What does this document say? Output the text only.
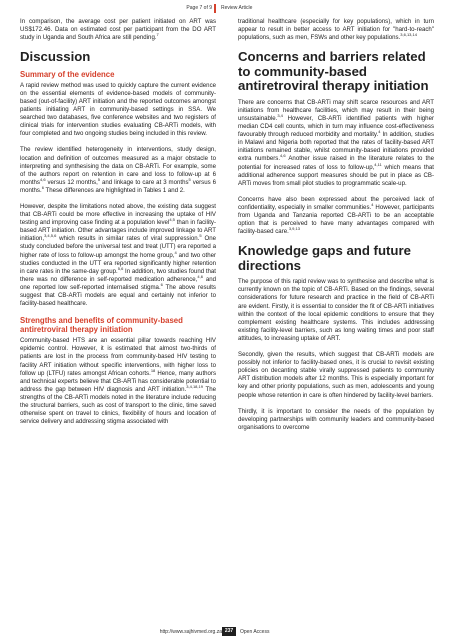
Page 7 of 9 Review Article

In comparison, the average cost per patient initiated on ART was US$172.46. Data on estimated cost per participant from the DO ART study in Uganda and South Africa are still pending.$^7$

Discussion
Summary of the evidence

A rapid review method was used to quickly capture the current evidence on the essential elements of evidence-based models of community-based (out-of-facility) ART initiation and the reported outcomes amongst patients initiating ART in community-based settings in SSA. We searched two databases, five conference websites and two registers of clinical trials for intervention studies evaluating CB-ARTi models, with four completed and two ongoing studies being included in this review.

The review identified heterogeneity in interventions, study design, location and definition of outcomes measured as a major obstacle to interpreting and synthesising the data on CB-ARTi. For example, some of the authors report on retention in care and loss to follow-up at 6 months$^{4,6}$ versus 12 months,$^5$ and linkage to care at 3 months$^5$ versus 6 months.$^6$ These differences are highlighted in Tables 1 and 2.

However, despite the limitations noted above, the existing data suggest that CB-ARTi could be more effective in increasing the uptake of HIV testing and improving case finding at a population level$^{4,5}$ than in facility-based ART initiation. Other advantages include improved linkage to ART initiation,$^{3,4,5,6}$ which results in similar rates of viral suppression.$^5$ One study concluded before the universal test and treat (UTT) era reported a higher rate of loss to follow-up amongst the home group,$^4$ and two other studies conducted in the UTT era reported significantly higher retention in care rates in the same-day group.$^{5,6}$ In addition, two studies found that there was no difference in self-reported medication adherence,$^{4,6}$ and one reported low self-reported internalised stigma.$^6$ The above results suggest that CB-ARTi models are equal and certainly not inferior to facility-based healthcare.

Strengths and benefits of community-based antiretroviral therapy initiation

Community-based HTS are an essential pillar towards reaching HIV epidemic control. However, it is estimated that almost two-thirds of patients are lost in the process from community-based HIV testing to facility ART initiation without specific interventions, with higher loss to follow up (LTFU) rates amongst African cohorts.$^{18}$ Hence, many authors and technical experts believe that CB-ARTi has considerable potential to address the gap between HIV diagnosis and ART initiation.$^{3,4,18,19}$ The strengths of the CB-ARTi models noted in the literature include reducing the structural barriers, such as cost of transport to the clinic, time saved otherwise spent on travel to clinics, flexibility of hours and location of service delivery and addressing stigma associated with

traditional healthcare (especially for key populations), which in turn appear to result in better access to ART initiation for "hard-to-reach" populations, such as men, FSWs and other key populations.$^{3,6,13,14}$

Concerns and barriers related to community-based antiretroviral therapy initiation

There are concerns that CB-ARTi may shift scarce resources and ART initiations from healthcare facilities, which may result in their being unsustainable.$^{3,4}$ However, CB-ARTi identified patients with higher median CD4 cell counts, which in turn may influence cost-effectiveness favourably through reduced morbidity and mortality.$^4$ In addition, studies in Malawi and Nigeria both reported that the rates of facility-based ART initiations remained stable, whilst community-based initiations provided extra numbers.$^{4,6}$ Another issue raised in the literature relates to the potential for increased rates of loss to follow-up,$^{4,11}$ which means that additional adherence support measures should be put in place as CB-ARTi moves from small pilot studies to programmatic scale-up.

Concerns have also been expressed about the perceived lack of confidentiality, especially in smaller communities.$^4$ However, participants from Uganda and Tanzania reported CB-ARTi to be an acceptable option that is perceived to have many advantages compared with facility-based care.$^{3,9,13}$

Knowledge gaps and future directions

The purpose of this rapid review was to synthesise and describe what is currently known on the topic of CB-ARTi. Based on the findings, several considerations for future research and practice in the field of CB-ARTi are evident. Firstly, it is essential to consider the fit of CB-ARTi initiatives within the context of the local epidemic conditions to ensure that they complement existing healthcare systems. This includes addressing existing facility-level barriers, such as long waiting times and poor staff attitudes, to increasing uptake of ART.

Secondly, given the results, which suggest that CB-ARTi models are possibly not inferior to facility-based ones, it is crucial to revisit existing policies on decanting stable virally suppressed patients to community ART distribution models after 12 months. This is especially important for key and other priority populations, such as men, adolescents and young people whose retention in care is often hindered by facility-level barriers.

Thirdly, it is important to consider the needs of the population by developing partnerships with community leaders and community-based organisations to overcome

http://www.sajhivmed.org.za 237	Open Access
